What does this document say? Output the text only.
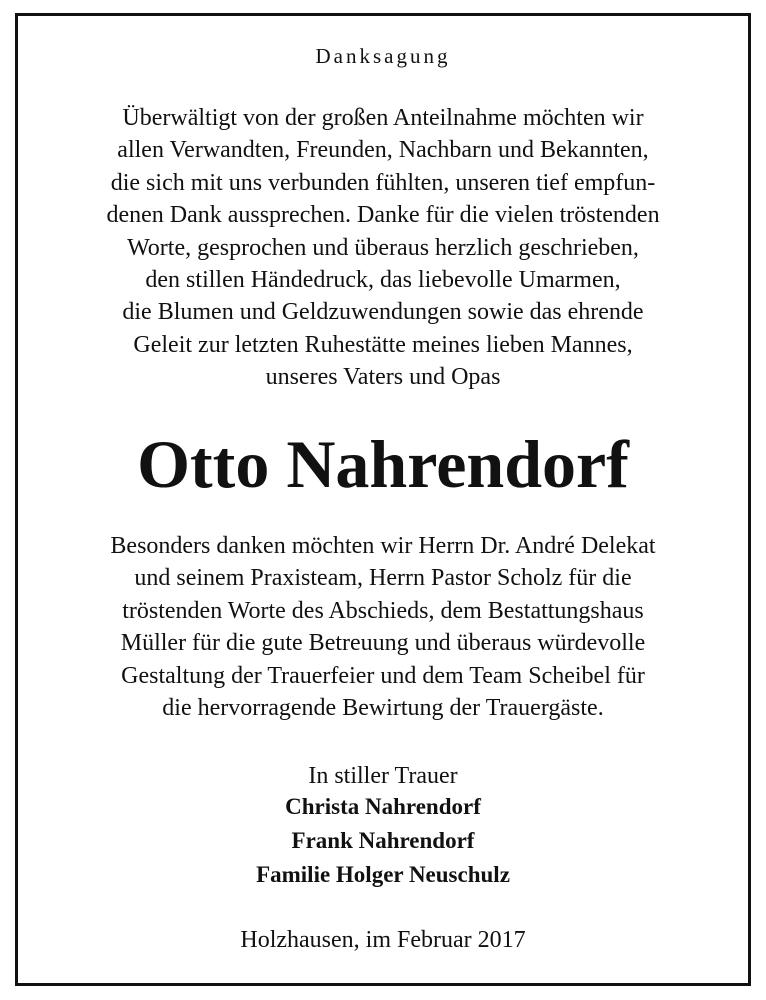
Danksagung
Überwältigt von der großen Anteilnahme möchten wir
allen Verwandten, Freunden, Nachbarn und Bekannten,
die sich mit uns verbunden fühlten, unseren tief empfun-
denen Dank aussprechen. Danke für die vielen tröstenden
Worte, gesprochen und überaus herzlich geschrieben,
den stillen Händedruck, das liebevolle Umarmen,
die Blumen und Geldzuwendungen sowie das ehrende
Geleit zur letzten Ruhestätte meines lieben Mannes,
unseres Vaters und Opas
Otto Nahrendorf
Besonders danken möchten wir Herrn Dr. André Delekat
und seinem Praxisteam, Herrn Pastor Scholz für die
tröstenden Worte des Abschieds, dem Bestattungshaus
Müller für die gute Betreuung und überaus würdevolle
Gestaltung der Trauerfeier und dem Team Scheibel für
die hervorragende Bewirtung der Trauergäste.
In stiller Trauer
Christa Nahrendorf
Frank Nahrendorf
Familie Holger Neuschulz
Holzhausen, im Februar 2017
